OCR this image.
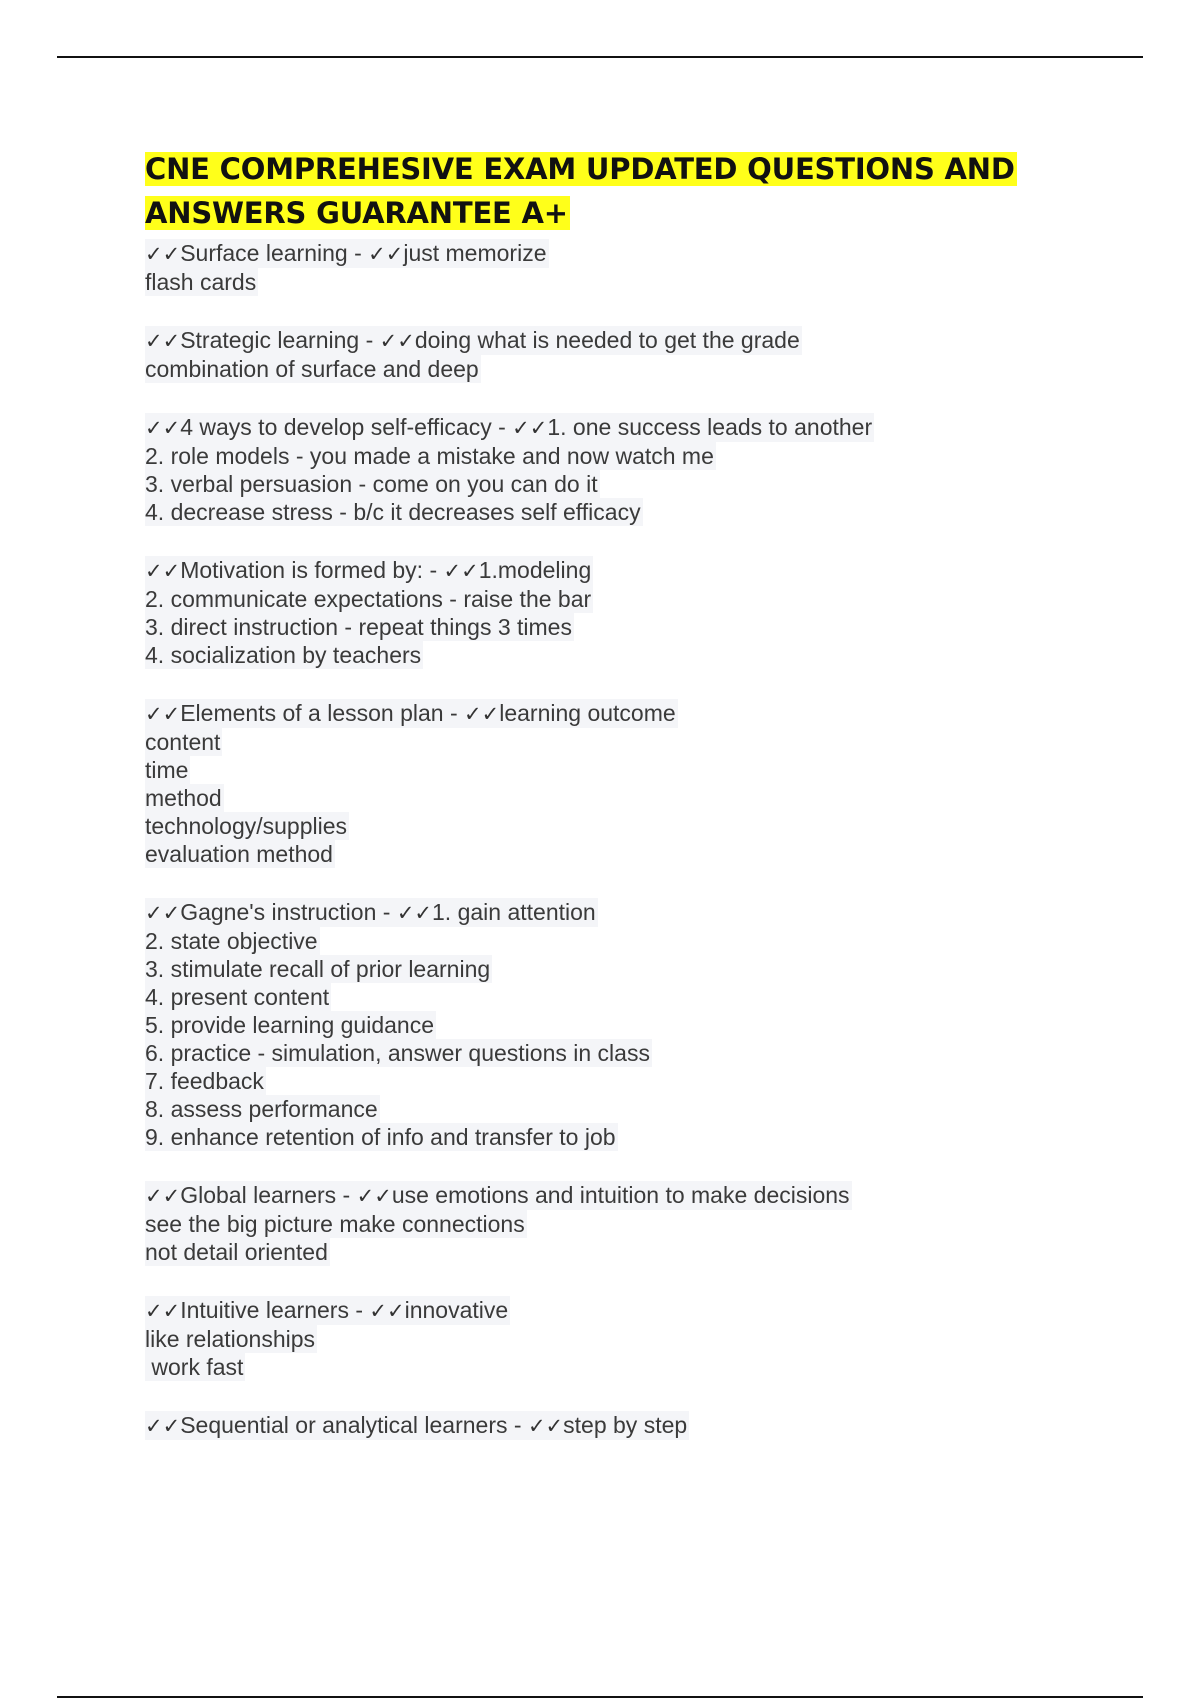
CNE COMPREHESIVE EXAM UPDATED QUESTIONS AND ANSWERS GUARANTEE A+
✓✓Surface learning - ✓✓just memorize
flash cards
✓✓Strategic learning - ✓✓doing what is needed to get the grade
combination of surface and deep
✓✓4 ways to develop self-efficacy - ✓✓1. one success leads to another
2. role models - you made a mistake and now watch me
3. verbal persuasion - come on you can do it
4. decrease stress - b/c it decreases self efficacy
✓✓Motivation is formed by: - ✓✓1.modeling
2. communicate expectations - raise the bar
3. direct instruction - repeat things 3 times
4. socialization by teachers
✓✓Elements of a lesson plan - ✓✓learning outcome
content
time
method
technology/supplies
evaluation method
✓✓Gagne's instruction - ✓✓1. gain attention
2. state objective
3. stimulate recall of prior learning
4. present content
5. provide learning guidance
6. practice - simulation, answer questions in class
7. feedback
8. assess performance
9. enhance retention of info and transfer to job
✓✓Global learners - ✓✓use emotions and intuition to make decisions
see the big picture make connections
not detail oriented
✓✓Intuitive learners - ✓✓innovative
like relationships
work fast
✓✓Sequential or analytical learners - ✓✓step by step
